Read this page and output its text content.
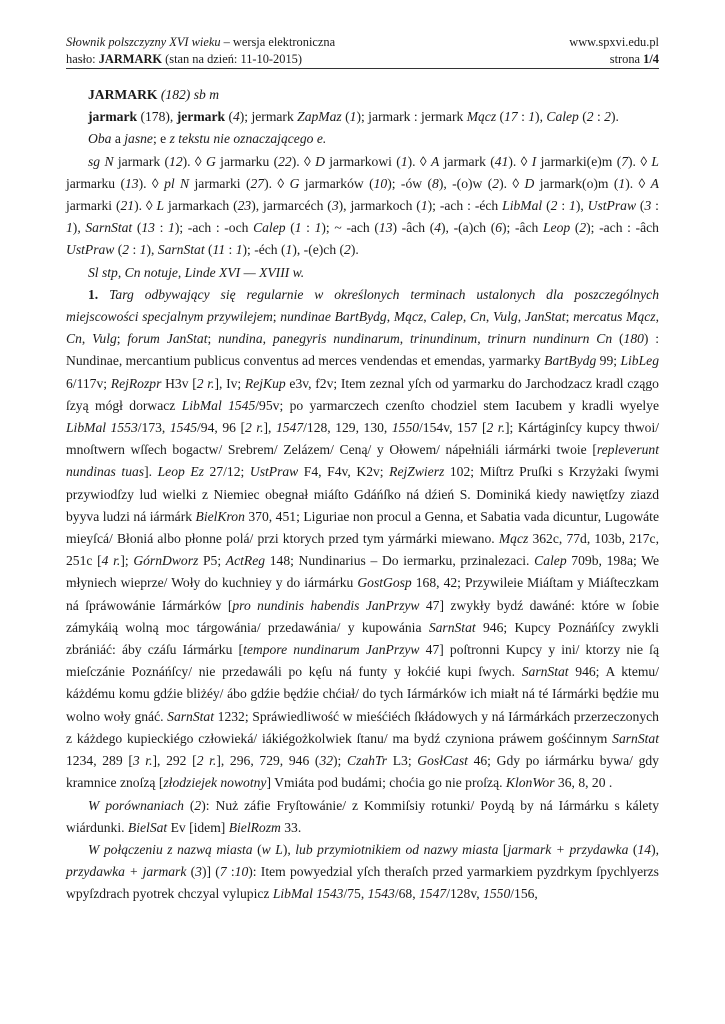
Słownik polszczyzny XVI wieku – wersja elektroniczna	www.spxvi.edu.pl
hasło: JARMARK (stan na dzień: 11-10-2015)	strona 1/4

JARMARK (182) sb m

jarmark (178), jermark (4); jermark ZapMaz (1); jarmark : jermark Mącz (17 : 1), Calep (2 : 2).

Oba a jasne; e z tekstu nie oznaczającego e.

sg N jarmark (12). ◊ G jarmarku (22). ◊ D jarmarkowi (1). ◊ A jarmark (41). ◊ I jarmarki(e)m (7). ◊ L jarmarku (13). ◊ pl N jarmarki (27). ◊ G jarmarków (10); -ów (8), -(o)w (2). ◊ D jarmark(o)m (1). ◊ A jarmarki (21). ◊ L jarmarkach (23), jarmarcéch (3), jarmarkoch (1); -ach : -éch LibMal (2 : 1), UstPraw (3 : 1), SarnStat (13 : 1); -ach : -och Calep (1 : 1); ~ -ach (13) -âch (4), -(a)ch (6); -âch Leop (2); -ach : -âch UstPraw (2 : 1), SarnStat (11 : 1); -éch (1), -(e)ch (2).

Sl stp, Cn notuje, Linde XVI — XVIII w.

1. Targ odbywający się regularnie w określonych terminach ustalonych dla poszczególnych miejscowości specjalnym przywilejem; nundinae BartBydg, Mącz, Calep, Cn, Vulg, JanStat; mercatus Mącz, Cn, Vulg; forum JanStat; nundina, panegyris nundinarum, trinundinum, trinurn nundinurn Cn (180) : Nundinae, mercantium publicus conventus ad merces vendendas et emendas, yarmarky BartBydg 99; LibLeg 6/117v; RejRozpr H3v [2 r.], Iv; RejKup e3v, f2v; Item zeznal yſch od yarmarku do Jarchodzacz kradl czągo ſzyą mógł dorwacz LibMal 1545/95v; po yarmarczech czenſto chodziel stem Iacubem y kradli wyelye LibMal 1553/173, 1545/94, 96 [2 r.], 1547/128, 129, 130, 1550/154v, 157 [2 r.]; Kártáginſcy kupcy thwoi/ mnoſtwern wſſech bogactw/ Srebrem/ Zelázem/ Ceną/ y Ołowem/ nápełniáli iármárki twoie [repleverunt nundinas tuas]. Leop Ez 27/12; UstPraw F4, F4v, K2v; RejZwierz 102; Miſtrz Pruſki s Krzyżaki ſwymi przywiodſzy lud wielki z Niemiec obegnał miáſto Gdáńſko ná dźień S. Dominiká kiedy nawiętſzy ziazd byyva ludzi ná iármárk BielKron 370, 451; Liguriae non procul a Genna, et Sabatia vada dicuntur, Lugowáte mieyſcá/ Błoniá albo płonne polá/ przi ktorych przed tym yármárki miewano. Mącz 362c, 77d, 103b, 217c, 251c [4 r.]; GórnDworz P5; ActReg 148; Nundinarius – Do iermarku, przinalezaci. Calep 709b, 198a; We młyniech wieprze/ Woły do kuchniey y do iármárku GostGosp 168, 42; Przywileie Miáſtam y Miáſteczkam ná ſpráwowánie Iármárków [pro nundinis habendis JanPrzyw 47] zwykły bydź dawáné: które w ſobie zámykáią wolną moc tárgowánia/ przedawánia/ y kupowánia SarnStat 946; Kupcy Poznáńſcy zwykli zbrániáć: áby czáſu Iármárku [tempore nundinarum JanPrzyw 47] poſtronni Kupcy y ini/ ktorzy nie ſą mieſczánie Poznáńſcy/ nie przedawáli po kęſu ná funty y łokćié kupi ſwych. SarnStat 946; A ktemu/ káżdému komu gdźie bliżéy/ ábo gdźie będźie chćiał/ do tych Iármárków ich miałt ná té Iármárki będźie mu wolno woły gnáć. SarnStat 1232; Spráwiedliwość w mieśćiéch ſkłádowych y ná Iármárkách przerzeczonych z káżdego kupieckiégo człowieká/ iákiégożkolwiek ſtanu/ ma bydź czyniona práwem gośćinnym SarnStat 1234, 289 [3 r.], 292 [2 r.], 296, 729, 946 (32); CzahTr L3; GosłCast 46; Gdy po iármárku bywa/ gdy kramnice znoſzą [złodziejek nowotny] Vmiáta pod budámi; choćia go nie proſzą. KlonWor 36, 8, 20 .

W porównaniach (2): Nuż záfie Fryſtowánie/ z Kommiſsiy rotunki/ Poydą by ná Iármárku s kálety wiárdunki. BielSat Ev [idem] BielRozm 33.

W połączeniu z nazwą miasta (w L), lub przymiotnikiem od nazwy miasta [jarmark + przydawka (14), przydawka + jarmark (3)] (7 :10): Item powyedzial yſch theraſch przed yarmarkiem pyzdrkym ſpychlyerzs wpyſzdrach pyotrek chczyal vylupicz LibMal 1543/75, 1543/68, 1547/128v, 1550/156,
